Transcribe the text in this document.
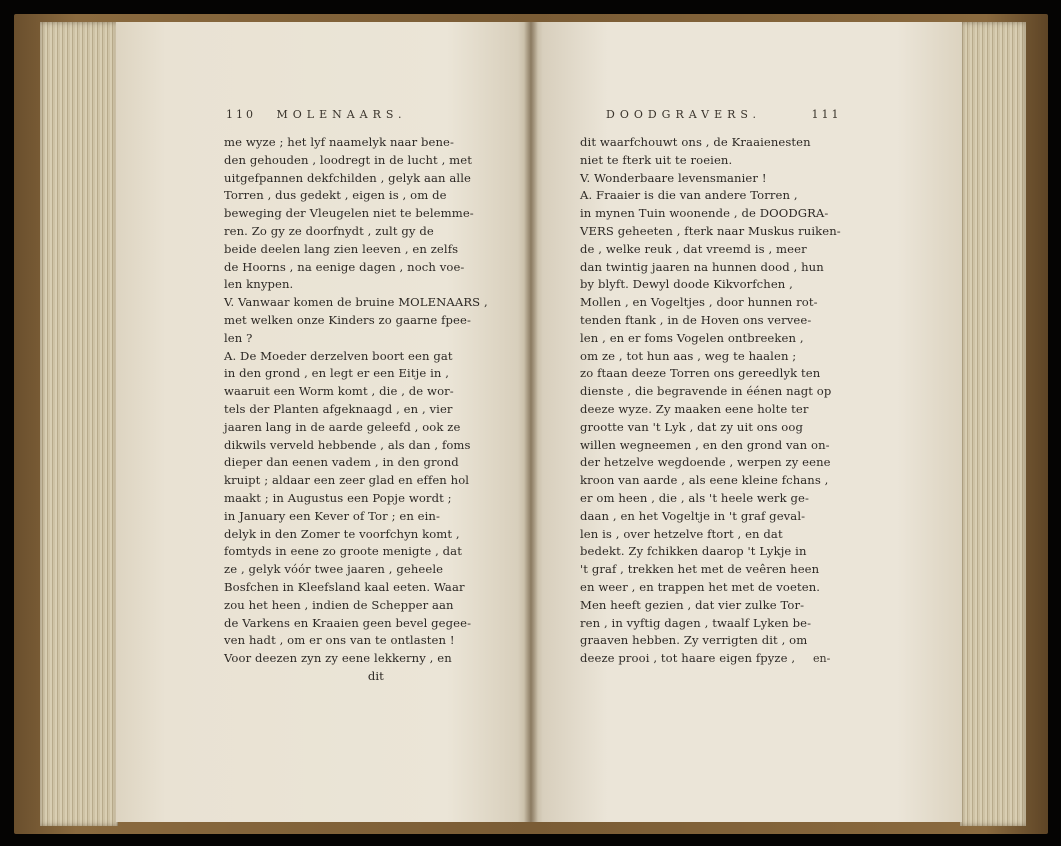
110 MOLENAARS.
me wyze ; het lyf naamelyk naar bene-
den gehouden , loodregt in de lucht , met
uitgefpannen dekfchilden , gelyk aan alle
Torren , dus gedekt , eigen is , om de
beweging der Vleugelen niet te belemme-
ren. Zo gy ze doorfnydt , zult gy de
beide deelen lang zien leeven , en zelfs
de Hoorns , na eenige dagen , noch voe-
len knypen.
V. Vanwaar komen de bruine MOLENAARS ,
met welken onze Kinders zo gaarne fpee-
len ?
A. De Moeder derzelven boort een gat
in den grond , en legt er een Eitje in ,
waaruit een Worm komt , die , de wor-
tels der Planten afgeknaagd , en , vier
jaaren lang in de aarde geleefd , ook ze
dikwils verveld hebbende , als dan , foms
dieper dan eenen vadem , in den grond
kruipt ; aldaar een zeer glad en effen hol
maakt ; in Augustus een Popje wordt ;
in January een Kever of Tor ; en ein-
delyk in den Zomer te voorfchyn komt ,
fomtyds in eene zo groote menigte , dat
ze , gelyk vóór twee jaaren , geheele
Bosfchen in Kleefsland kaal eeten. Waar
zou het heen , indien de Schepper aan
de Varkens en Kraaien geen bevel gegee-
ven hadt , om er ons van te ontlasten !
Voor deezen zyn zy eene lekkerny , en
dit
DOODGRAVERS.	111
dit waarfchouwt ons , de Kraaienesten
niet te fterk uit te roeien.
V. Wonderbaare levensmanier !
A. Fraaier is die van andere Torren ,
in mynen Tuin woonende , de DOODGRA-
VERS geheeten , fterk naar Muskus ruiken-
de , welke reuk , dat vreemd is , meer
dan twintig jaaren na hunnen dood , hun
by blyft. Dewyl doode Kikvorfchen ,
Mollen , en Vogeltjes , door hunnen rot-
tenden ftank , in de Hoven ons vervee-
len , en er foms Vogelen ontbreeken ,
om ze , tot hun aas , weg te haalen ;
zo ftaan deeze Torren ons gereedlyk ten
dienste , die begravende in éénen nagt op
deeze wyze. Zy maaken eene holte ter
grootte van 't Lyk , dat zy uit ons oog
willen wegneemen , en den grond van on-
der hetzelve wegdoende , werpen zy eene
kroon van aarde , als eene kleine fchans ,
er om heen , die , als 't heele werk ge-
daan , en het Vogeltje in 't graf geval-
len is , over hetzelve ftort , en dat
bedekt. Zy fchikken daarop 't Lykje in
't graf , trekken het met de veêren heen
en weer , en trappen het met de voeten.
Men heeft gezien , dat vier zulke Tor-
ren , in vyftig dagen , twaalf Lyken be-
graaven hebben. Zy verrigten dit , om
deeze prooi , tot haare eigen fpyze ,	en-
